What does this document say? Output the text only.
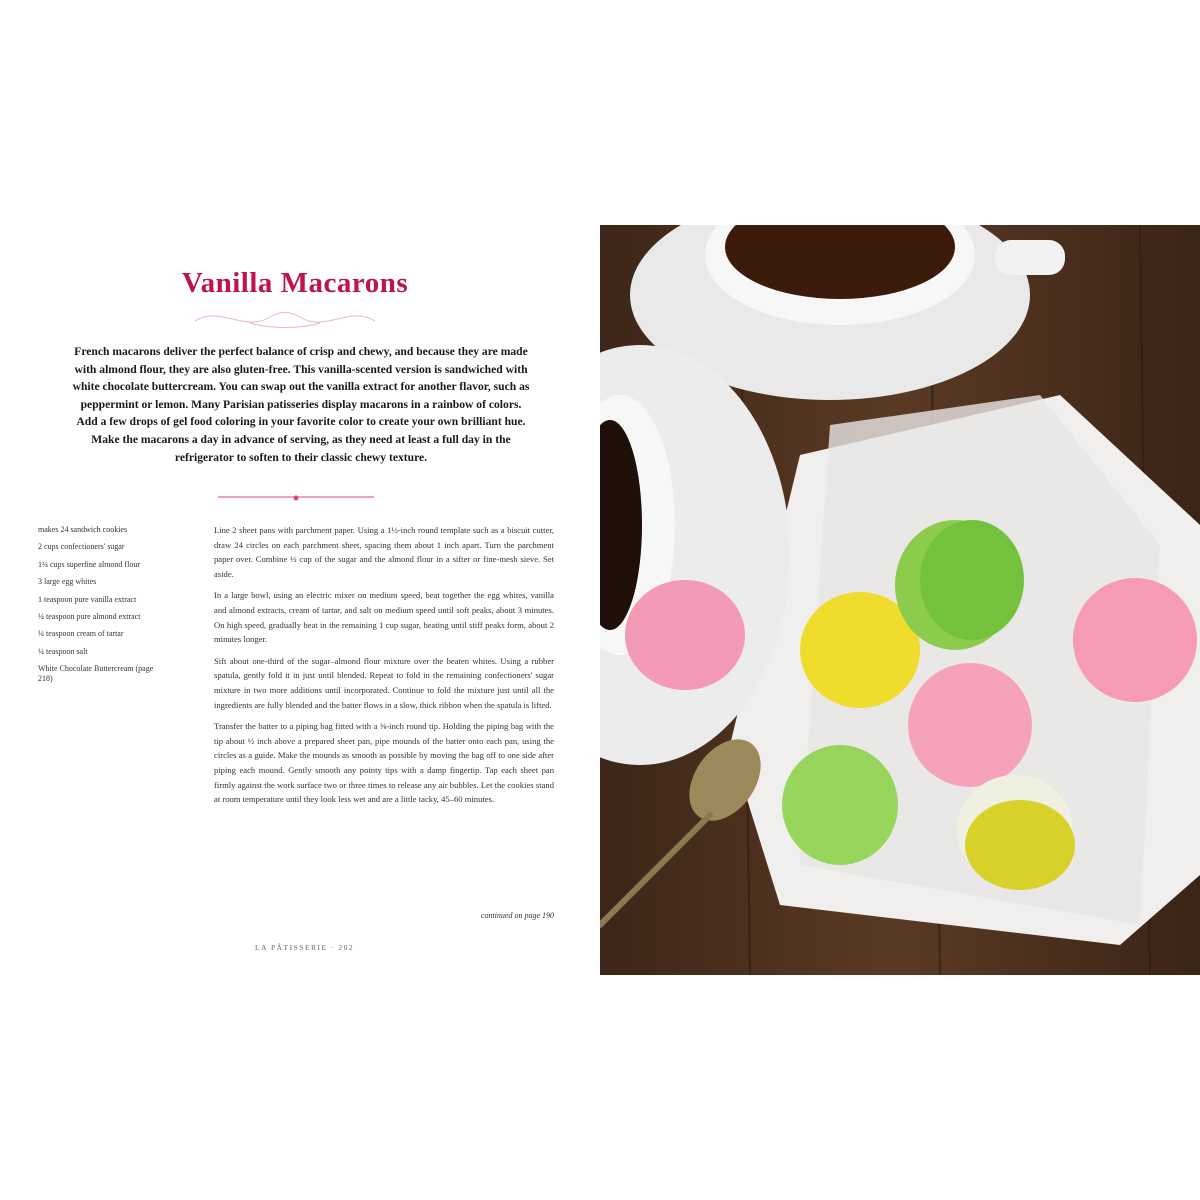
Vanilla Macarons
French macarons deliver the perfect balance of crisp and chewy, and because they are made with almond flour, they are also gluten-free. This vanilla-scented version is sandwiched with white chocolate buttercream. You can swap out the vanilla extract for another flavor, such as peppermint or lemon. Many Parisian patisseries display macarons in a rainbow of colors. Add a few drops of gel food coloring in your favorite color to create your own brilliant hue. Make the macarons a day in advance of serving, as they need at least a full day in the refrigerator to soften to their classic chewy texture.
makes 24 sandwich cookies
2 cups confectioners' sugar
1¼ cups superfine almond flour
3 large egg whites
1 teaspoon pure vanilla extract
¼ teaspoon pure almond extract
¼ teaspoon cream of tartar
¼ teaspoon salt
White Chocolate Buttercream (page 218)

Line 2 sheet pans with parchment paper. Using a 1½-inch round template such as a biscuit cutter, draw 24 circles on each parchment sheet, spacing them about 1 inch apart. Turn the parchment paper over. Combine ½ cup of the sugar and the almond flour in a sifter or fine-mesh sieve. Set aside.

In a large bowl, using an electric mixer on medium speed, beat together the egg whites, vanilla and almond extracts, cream of tartar, and salt on medium speed until soft peaks, about 3 minutes. On high speed, gradually beat in the remaining 1 cup sugar, beating until stiff peaks form, about 2 minutes longer.

Sift about one-third of the sugar–almond flour mixture over the beaten whites. Using a rubber spatula, gently fold it in just until blended. Repeat to fold in the remaining confectioners' sugar mixture in two more additions until incorporated. Continue to fold the mixture just until all the ingredients are fully blended and the batter flows in a slow, thick ribbon when the spatula is lifted.

Transfer the batter to a piping bag fitted with a ⅜-inch round tip. Holding the piping bag with the tip about ½ inch above a prepared sheet pan, pipe mounds of the batter onto each pan, using the circles as a guide. Make the mounds as smooth as possible by moving the bag off to one side after piping each mound. Gently smooth any pointy tips with a damp fingertip. Tap each sheet pan firmly against the work surface two or three times to release any air bubbles. Let the cookies stand at room temperature until they look less wet and are a little tacky, 45–60 minutes.

continued on page 190
LA PÂTISSERIE · 202
